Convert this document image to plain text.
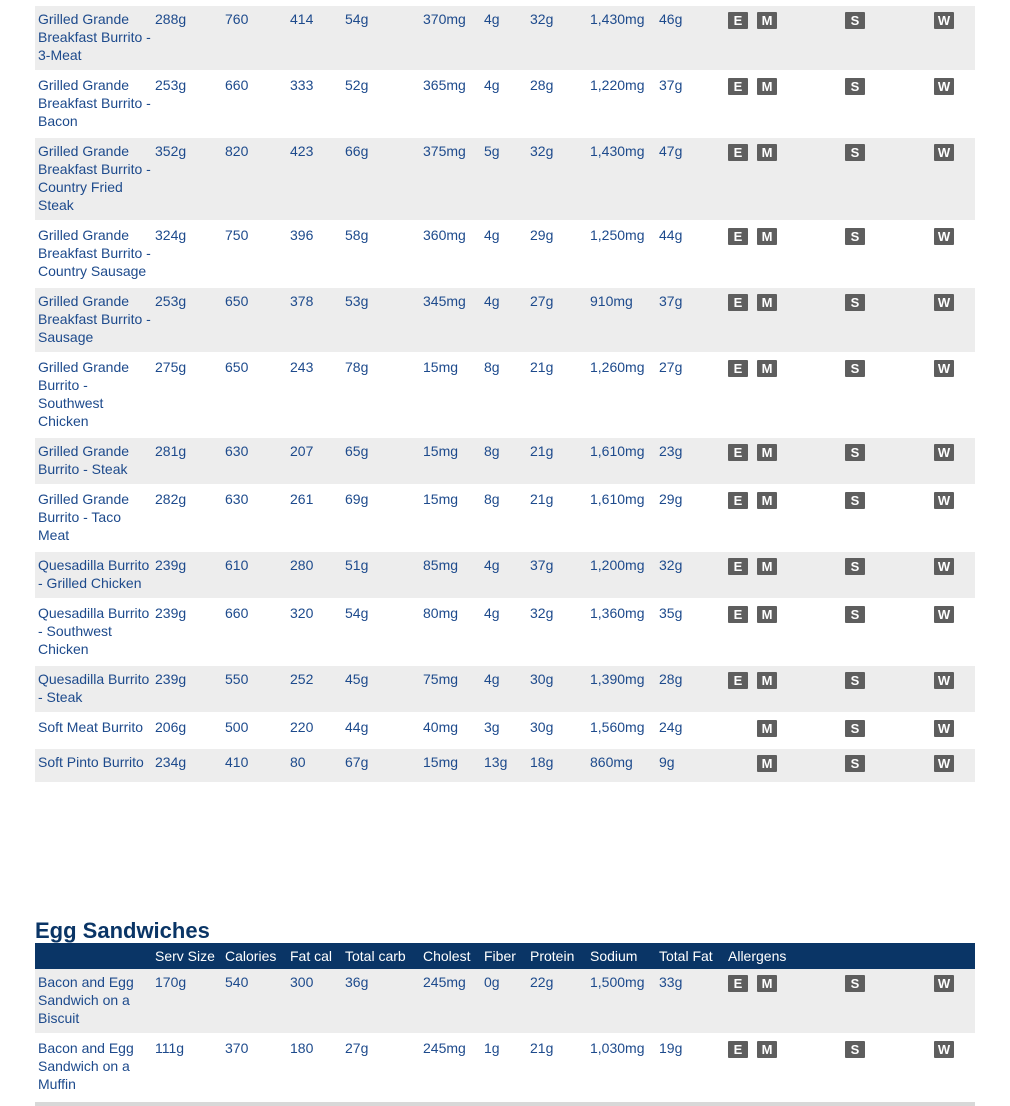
Grilled Grande Breakfast Burrito - 3-Meat	288g	760	414	54g	370mg	4g	32g	1,430mg	46g	E	M	S	W
Grilled Grande Breakfast Burrito - Bacon	253g	660	333	52g	365mg	4g	28g	1,220mg	37g	E	M	S	W
Grilled Grande Breakfast Burrito - Country Fried Steak	352g	820	423	66g	375mg	5g	32g	1,430mg	47g	E	M	S	W
Grilled Grande Breakfast Burrito - Country Sausage	324g	750	396	58g	360mg	4g	29g	1,250mg	44g	E	M	S	W
Grilled Grande Breakfast Burrito - Sausage	253g	650	378	53g	345mg	4g	27g	910mg	37g	E	M	S	W
Grilled Grande Burrito - Southwest Chicken	275g	650	243	78g	15mg	8g	21g	1,260mg	27g	E	M	S	W
Grilled Grande Burrito - Steak	281g	630	207	65g	15mg	8g	21g	1,610mg	23g	E	M	S	W
Grilled Grande Burrito - Taco Meat	282g	630	261	69g	15mg	8g	21g	1,610mg	29g	E	M	S	W
Quesadilla Burrito - Grilled Chicken	239g	610	280	51g	85mg	4g	37g	1,200mg	32g	E	M	S	W
Quesadilla Burrito - Southwest Chicken	239g	660	320	54g	80mg	4g	32g	1,360mg	35g	E	M	S	W
Quesadilla Burrito - Steak	239g	550	252	45g	75mg	4g	30g	1,390mg	28g	E	M	S	W
Soft Meat Burrito	206g	500	220	44g	40mg	3g	30g	1,560mg	24g		M	S	W
Soft Pinto Burrito	234g	410	80	67g	15mg	13g	18g	860mg	9g		M	S	W
Egg Sandwiches
	Serv Size	Calories	Fat cal	Total carb	Cholest	Fiber	Protein	Sodium	Total Fat	Allergens			
Bacon and Egg Sandwich on a Biscuit	170g	540	300	36g	245mg	0g	22g	1,500mg	33g	E	M	S	W
Bacon and Egg Sandwich on a Muffin	111g	370	180	27g	245mg	1g	21g	1,030mg	19g	E	M	S	W
